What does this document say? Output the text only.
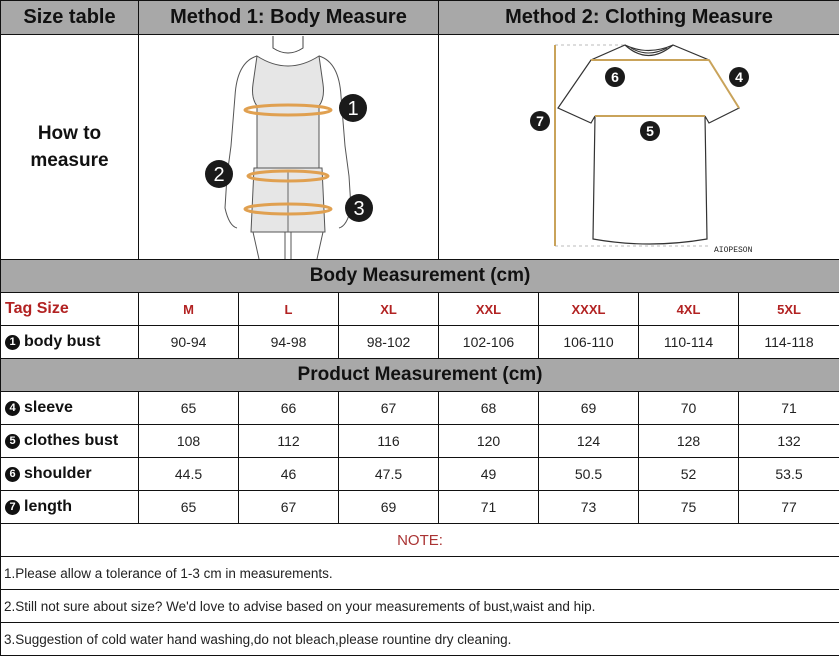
Size table	Method 1: Body Measure			Method 2: Clothing Measure			

How to
measure

1
2
3

6	4
5
7
AIOPESON

Body Measurement (cm)							
Tag Size	M	L	XL	XXL	XXXL	4XL	5XL
1 body bust	90-94	94-98	98-102	102-106	106-110	110-114	114-118
Product Measurement (cm)							
4 sleeve	65	66	67	68	69	70	71
5 clothes bust	108	112	116	120	124	128	132
6 shoulder	44.5	46	47.5	49	50.5	52	53.5
7 length	65	67	69	71	73	75	77
NOTE:							
1.Please allow a tolerance of 1-3 cm in measurements.							
2.Still not sure about size? We'd love to advise based on your measurements of bust,waist and hip.							
3.Suggestion of cold water hand washing,do not bleach,please rountine dry cleaning.							
